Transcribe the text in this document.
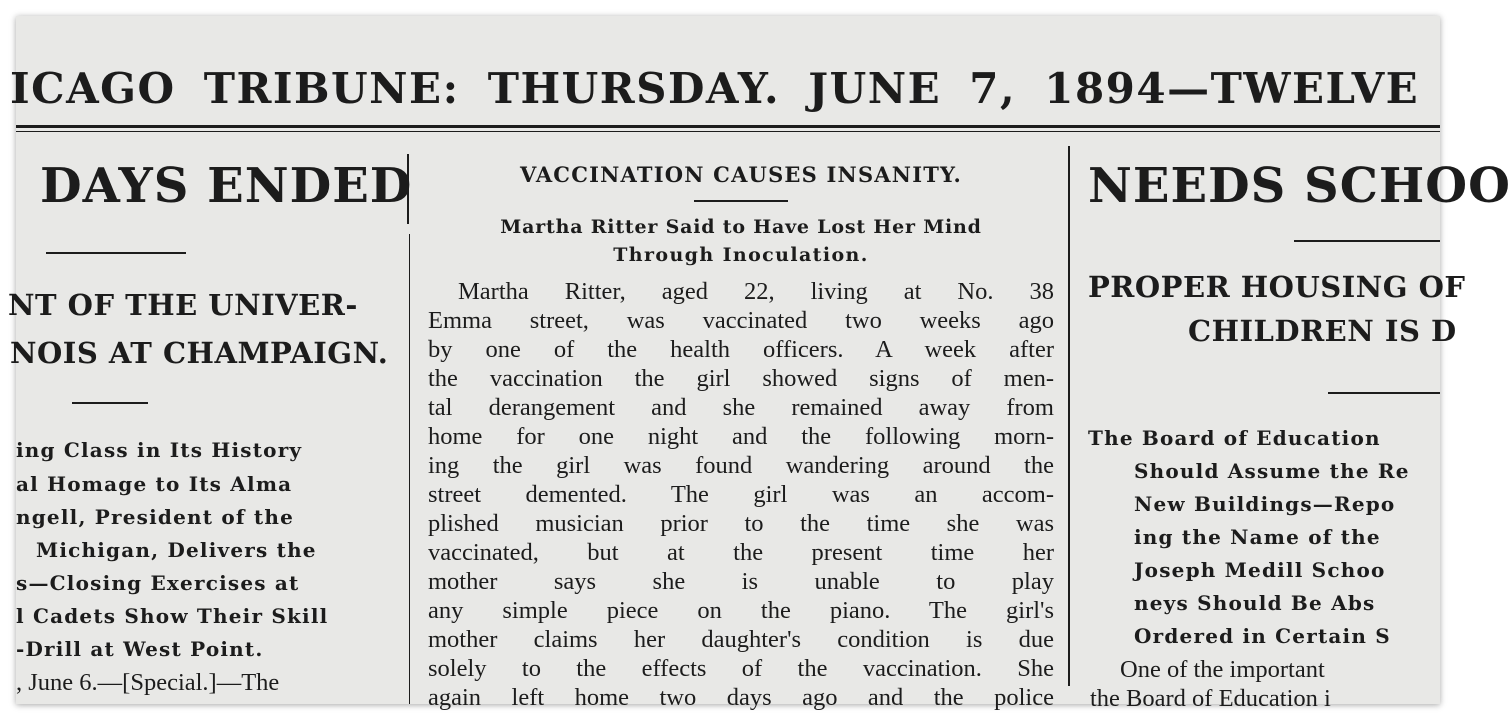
ICAGO TRIBUNE: THURSDAY. JUNE 7, 1894—TWELVE
DAYS ENDED
NT OF THE UNIVER-
NOIS AT CHAMPAIGN.
ing Class in Its History
al Homage to Its Alma
ngell, President of the
Michigan, Delivers the
s—Closing Exercises at
l Cadets Show Their Skill
-Drill at West Point.
, June 6.—[Special.]—The
VACCINATION CAUSES INSANITY.
Martha Ritter Said to Have Lost Her Mind
Through Inoculation.
Martha Ritter, aged 22, living at No. 38
Emma street, was vaccinated two weeks ago
by one of the health officers. A week after
the vaccination the girl showed signs of men-
tal derangement and she remained away from
home for one night and the following morn-
ing the girl was found wandering around the
street demented. The girl was an accom-
plished musician prior to the time she was
vaccinated, but at the present time her
mother says she is unable to play
any simple piece on the piano. The girl's
mother claims her daughter's condition is due
solely to the effects of the vaccination. She
again left home two days ago and the police
NEEDS SCHOO
PROPER HOUSING OF
CHILDREN IS D
The Board of Education
Should Assume the Re
New Buildings—Repo
ing the Name of the
Joseph Medill Schoo
neys Should Be Abs
Ordered in Certain S
One of the important
the Board of Education i
